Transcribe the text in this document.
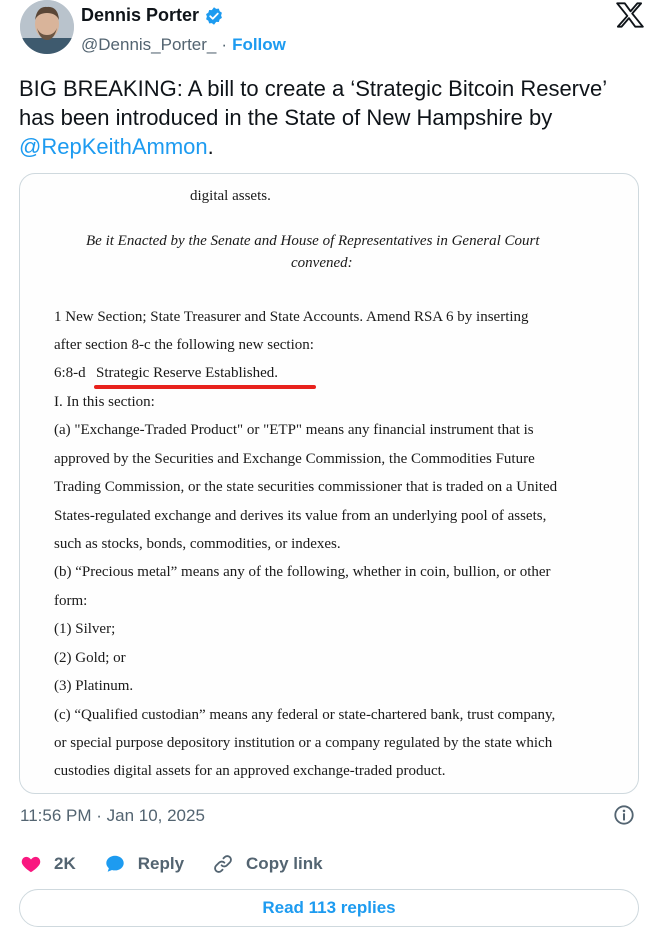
Dennis Porter
@Dennis_Porter_ · Follow
BIG BREAKING: A bill to create a ‘Strategic Bitcoin Reserve’ has been introduced in the State of New Hampshire by @RepKeithAmmon.
digital assets.
Be it Enacted by the Senate and House of Representatives in General Court
convened:
1 New Section; State Treasurer and State Accounts. Amend RSA 6 by inserting
after section 8-c the following new section:
6:8-d Strategic Reserve Established.
I. In this section:
(a) "Exchange-Traded Product" or "ETP" means any financial instrument that is
approved by the Securities and Exchange Commission, the Commodities Future
Trading Commission, or the state securities commissioner that is traded on a United
States-regulated exchange and derives its value from an underlying pool of assets,
such as stocks, bonds, commodities, or indexes.
(b) “Precious metal” means any of the following, whether in coin, bullion, or other
form:
(1) Silver;
(2) Gold; or
(3) Platinum.
(c) “Qualified custodian” means any federal or state-chartered bank, trust company,
or special purpose depository institution or a company regulated by the state which
custodies digital assets for an approved exchange-traded product.
11:56 PM · Jan 10, 2025
2K	Reply	Copy link
Read 113 replies
